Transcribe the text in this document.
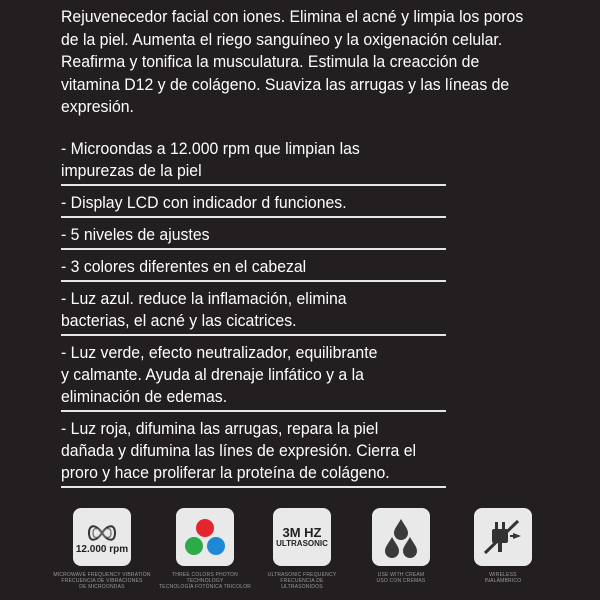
Rejuvenecedor facial con iones. Elimina el acné y limpia los poros
de la piel. Aumenta el riego sanguíneo y la oxigenación celular.
Reafirma y tonifica la musculatura. Estimula la creacción de
vitamina D12 y de colágeno. Suaviza las arrugas y las líneas de
expresión.
- Microondas a 12.000 rpm que limpian las
impurezas de la piel
- Display LCD con indicador d funciones.
- 5 niveles de ajustes
- 3 colores diferentes en el cabezal
- Luz azul. reduce la inflamación, elimina
bacterias, el acné y las cicatrices.
- Luz verde, efecto neutralizador, equilibrante
y calmante. Ayuda al drenaje linfático y a la
eliminación de edemas.
- Luz roja, difumina las arrugas, repara la piel
dañada y difumina las línes de expresión. Cierra el
proro y hace proliferar la proteína de colágeno.
12.000 rpm
MICROWAVE FREQUENCY VIBRATION
FRECUENCIA DE VIBRACIONES
DE MICROONDAS
THREE COLORS PHOTON TECHNOLOGY
TECNOLOGÍA FOTÓNICA TRICOLOR
3M HZ
ULTRASONIC
ULTRASONIC FREQUENCY
FRECUENCIA DE
ULTRASONIDOS
USE WITH CREAM
USO CON CREMAS
WIRELESS
INALÁMBRICO
